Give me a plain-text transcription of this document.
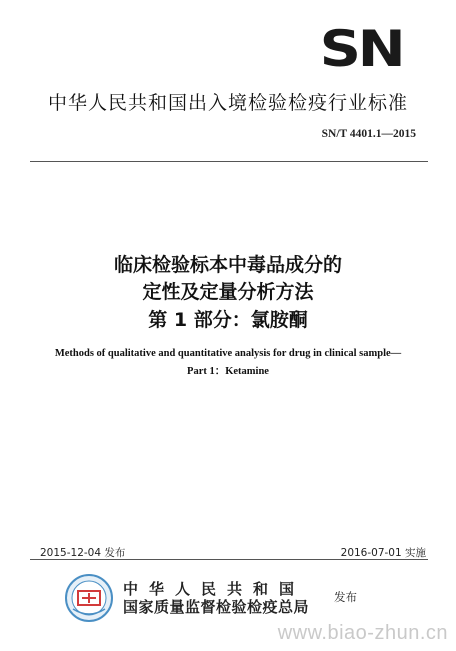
SN
中华人民共和国出入境检验检疫行业标准
SN/T 4401.1—2015
临床检验标本中毒品成分的
定性及定量分析方法
第 1 部分：氯胺酮
Methods of qualitative and quantitative analysis for drug in clinical sample—
Part 1：Ketamine
2015-12-04 发布	2016-07-01 实施
中华人民共和国
国家质量监督检验检疫总局
发布
www.biao-zhun.cn
